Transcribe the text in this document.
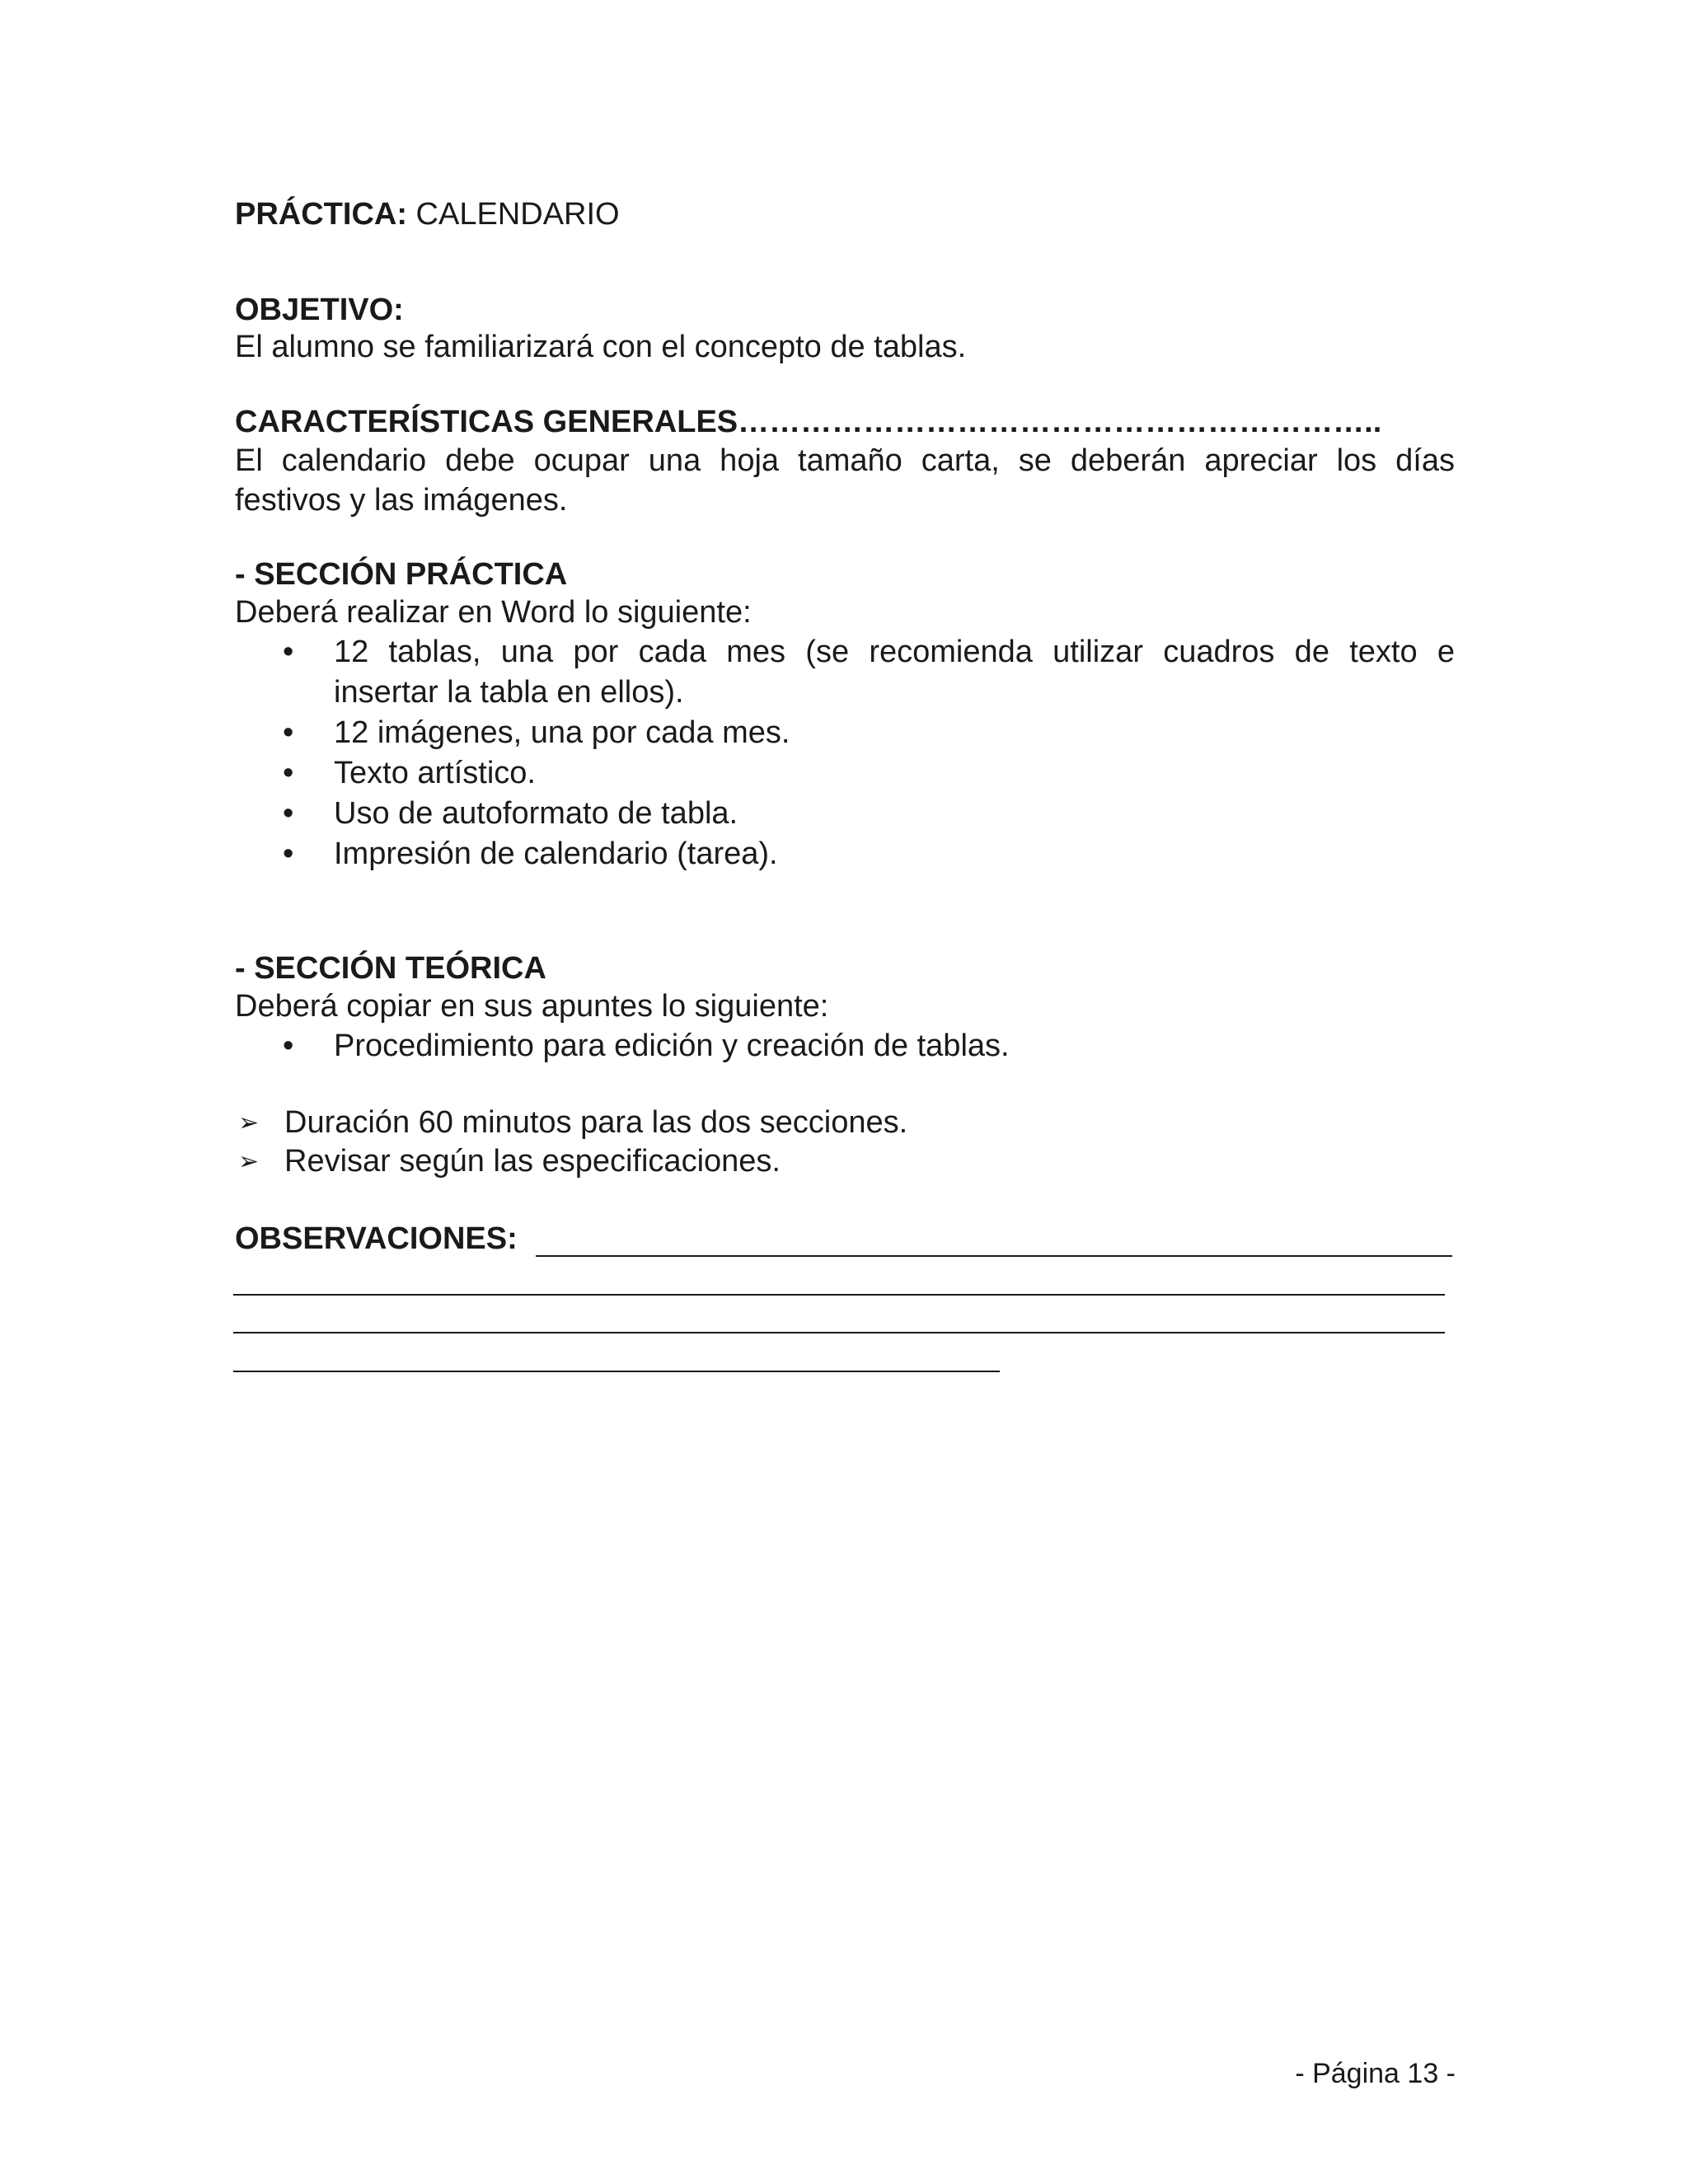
PRÁCTICA: CALENDARIO
OBJETIVO:
El alumno se familiarizará con el concepto de tablas.
CARACTERÍSTICAS GENERALES……………………………………………………..
El calendario debe ocupar una hoja tamaño carta, se deberán apreciar los días
festivos y las imágenes.
- SECCIÓN PRÁCTICA
Deberá realizar en Word lo siguiente:
• 12 tablas, una por cada mes (se recomienda utilizar cuadros de texto e
insertar la tabla en ellos).
• 12 imágenes, una por cada mes.
• Texto artístico.
• Uso de autoformato de tabla.
• Impresión de calendario (tarea).
- SECCIÓN TEÓRICA
Deberá copiar en sus apuntes lo siguiente:
• Procedimiento para edición y creación de tablas.
➢ Duración 60 minutos para las dos secciones.
➢ Revisar según las especificaciones.
OBSERVACIONES:
- Página 13 -
